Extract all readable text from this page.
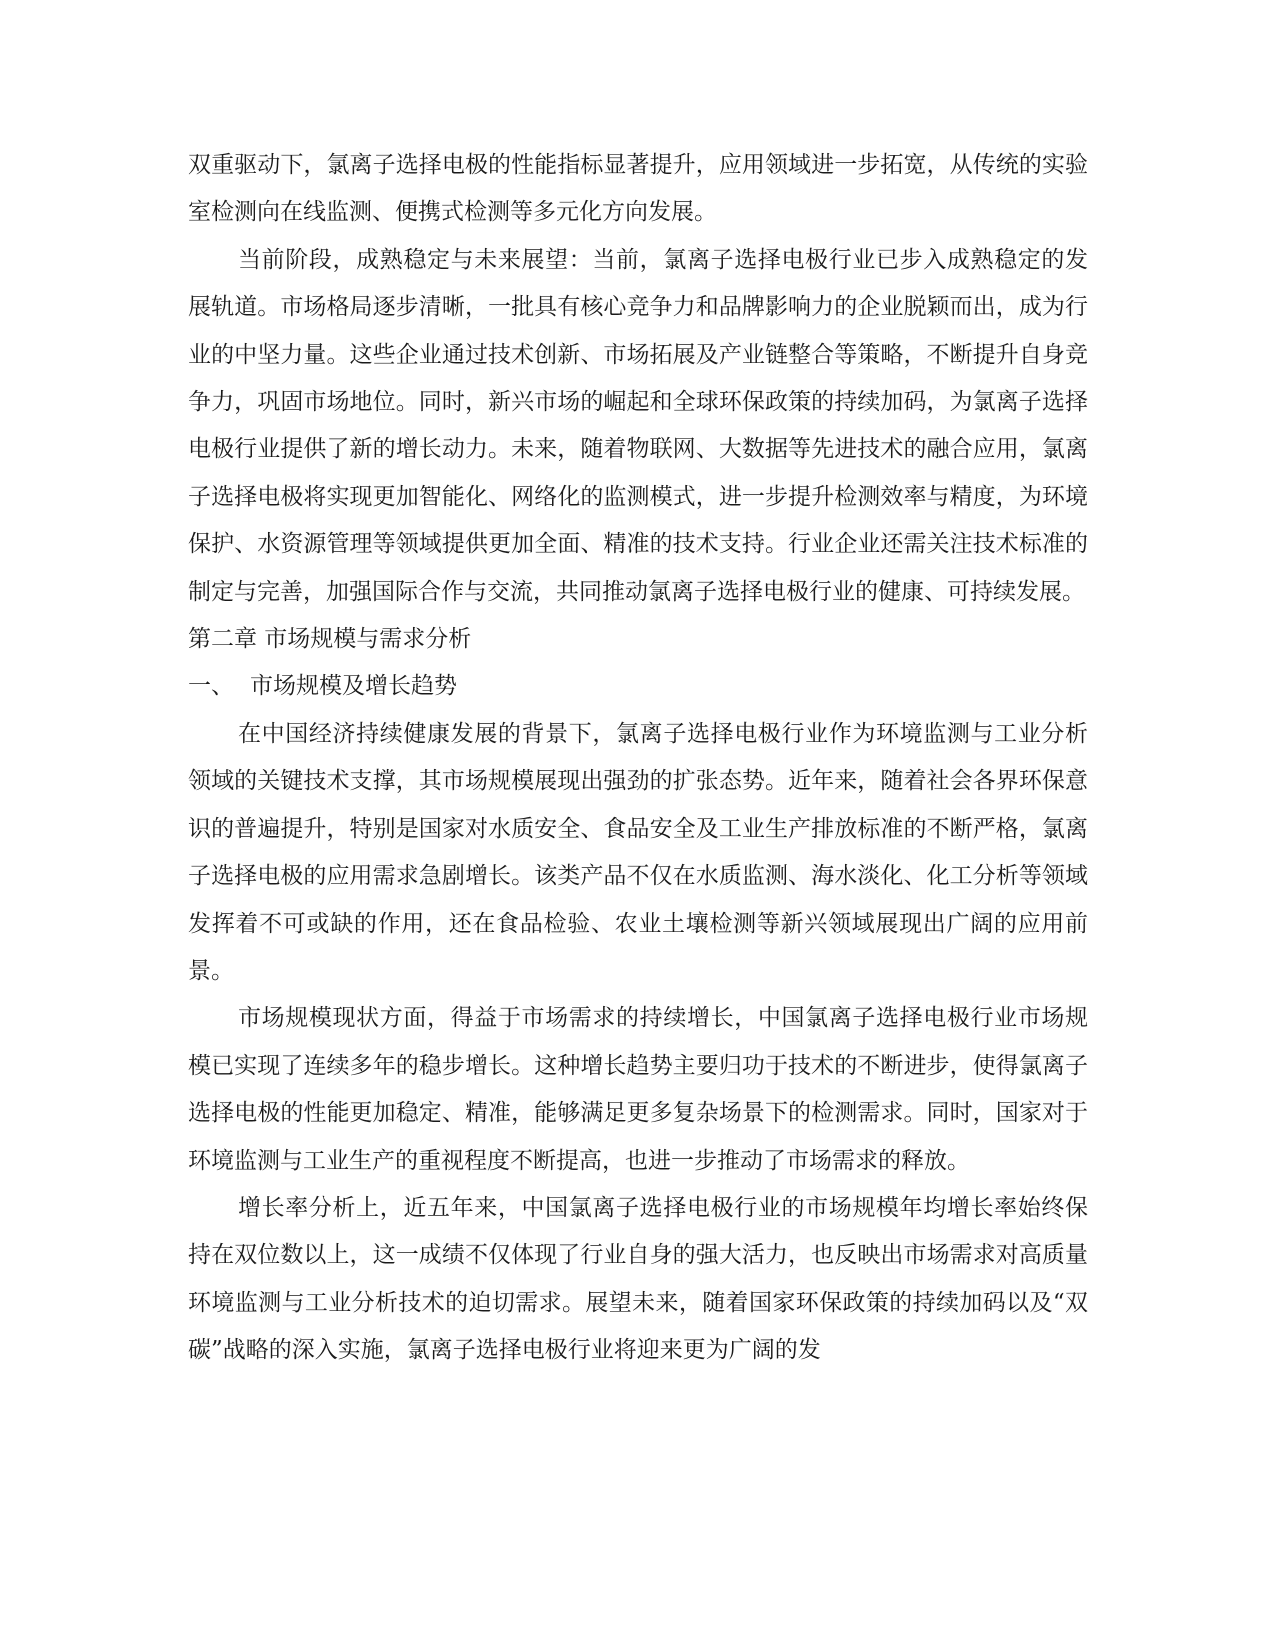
双重驱动下，氯离子选择电极的性能指标显著提升，应用领域进一步拓宽，从传统的实验室检测向在线监测、便携式检测等多元化方向发展。

当前阶段，成熟稳定与未来展望：当前，氯离子选择电极行业已步入成熟稳定的发展轨道。市场格局逐步清晰，一批具有核心竞争力和品牌影响力的企业脱颖而出，成为行业的中坚力量。这些企业通过技术创新、市场拓展及产业链整合等策略，不断提升自身竞争力，巩固市场地位。同时，新兴市场的崛起和全球环保政策的持续加码，为氯离子选择电极行业提供了新的增长动力。未来，随着物联网、大数据等先进技术的融合应用，氯离子选择电极将实现更加智能化、网络化的监测模式，进一步提升检测效率与精度，为环境保护、水资源管理等领域提供更加全面、精准的技术支持。行业企业还需关注技术标准的制定与完善，加强国际合作与交流，共同推动氯离子选择电极行业的健康、可持续发展。

第二章 市场规模与需求分析

一、 市场规模及增长趋势

在中国经济持续健康发展的背景下，氯离子选择电极行业作为环境监测与工业分析领域的关键技术支撑，其市场规模展现出强劲的扩张态势。近年来，随着社会各界环保意识的普遍提升，特别是国家对水质安全、食品安全及工业生产排放标准的不断严格，氯离子选择电极的应用需求急剧增长。该类产品不仅在水质监测、海水淡化、化工分析等领域发挥着不可或缺的作用，还在食品检验、农业土壤检测等新兴领域展现出广阔的应用前景。

市场规模现状方面，得益于市场需求的持续增长，中国氯离子选择电极行业市场规模已实现了连续多年的稳步增长。这种增长趋势主要归功于技术的不断进步，使得氯离子选择电极的性能更加稳定、精准，能够满足更多复杂场景下的检测需求。同时，国家对于环境监测与工业生产的重视程度不断提高，也进一步推动了市场需求的释放。

增长率分析上，近五年来，中国氯离子选择电极行业的市场规模年均增长率始终保持在双位数以上，这一成绩不仅体现了行业自身的强大活力，也反映出市场需求对高质量环境监测与工业分析技术的迫切需求。展望未来，随着国家环保政策的持续加码以及“双碳”战略的深入实施，氯离子选择电极行业将迎来更为广阔的发
